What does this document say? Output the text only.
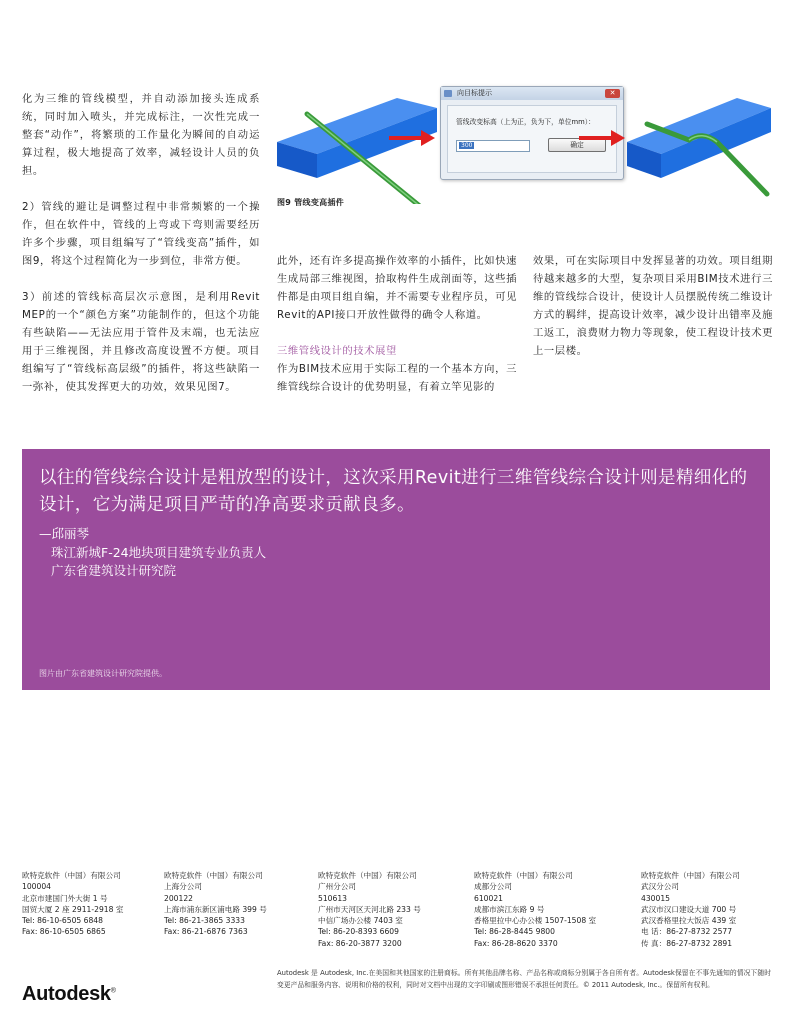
化为三维的管线模型，并自动添加接头连成系统，同时加入喷头，并完成标注，一次性完成一整套“动作”，将繁琐的工作量化为瞬间的自动运算过程，极大地提高了效率，减轻设计人员的负担。

2）管线的避让是调整过程中非常频繁的一个操作，但在软件中，管线的上弯或下弯则需要经历许多个步骤，项目组编写了“管线变高”插件，如图9，将这个过程简化为一步到位，非常方便。

3）前述的管线标高层次示意图，是利用Revit MEP的一个“颜色方案”功能制作的，但这个功能有些缺陷——无法应用于管件及末端，也无法应用于三维视图，并且修改高度设置不方便。项目组编写了“管线标高层级”的插件，将这些缺陷一一弥补，使其发挥更大的功效，效果见图7。

向目标提示	✕
管线改变标高（上为正，负为下，单位mm）：
300	确定
图9 管线变高插件

此外，还有许多提高操作效率的小插件，比如快速生成局部三维视图，拾取构件生成剖面等，这些插件都是由项目组自编，并不需要专业程序员，可见Revit的API接口开放性做得的确令人称道。

三维管线设计的技术展望
作为BIM技术应用于实际工程的一个基本方向，三维管线综合设计的优势明显，有着立竿见影的

效果，可在实际项目中发挥显著的功效。项目组期待越来越多的大型，复杂项目采用BIM技术进行三维的管线综合设计，使设计人员摆脱传统二维设计方式的羁绊，提高设计效率，减少设计出错率及施工返工，浪费财力物力等现象，使工程设计技术更上一层楼。

以往的管线综合设计是粗放型的设计，这次采用Revit进行三维管线综合设计则是精细化的设计，它为满足项目严苛的净高要求贡献良多。
—邱丽琴
珠江新城F-24地块项目建筑专业负责人
广东省建筑设计研究院
图片由广东省建筑设计研究院提供。
欧特克软件（中国）有限公司
100004
北京市建国门外大街 1 号
国贸大厦 2 座 2911-2918 室
Tel: 86-10-6505 6848
Fax: 86-10-6505 6865
欧特克软件（中国）有限公司
上海分公司
200122
上海市浦东新区浦电路 399 号
Tel: 86-21-3865 3333
Fax: 86-21-6876 7363
欧特克软件（中国）有限公司
广州分公司
510613
广州市天河区天河北路 233 号
中信广场办公楼 7403 室
Tel: 86-20-8393 6609
Fax: 86-20-3877 3200
欧特克软件（中国）有限公司
成都分公司
610021
成都市滨江东路 9 号
香格里拉中心办公楼 1507-1508 室
Tel: 86-28-8445 9800
Fax: 86-28-8620 3370
欧特克软件（中国）有限公司
武汉分公司
430015
武汉市汉口建设大道 700 号
武汉香格里拉大饭店 439 室
电 话：86-27-8732 2577
传 真：86-27-8732 2891
Autodesk®
Autodesk 是 Autodesk, Inc.在美国和其他国家的注册商标。所有其他品牌名称、产品名称或商标分别属于各自所有者。Autodesk保留在不事先通知的情况下随时变更产品和服务内容、说明和价格的权利，同时对文档中出现的文字印刷或图形错误不承担任何责任。© 2011 Autodesk, Inc.。保留所有权利。
